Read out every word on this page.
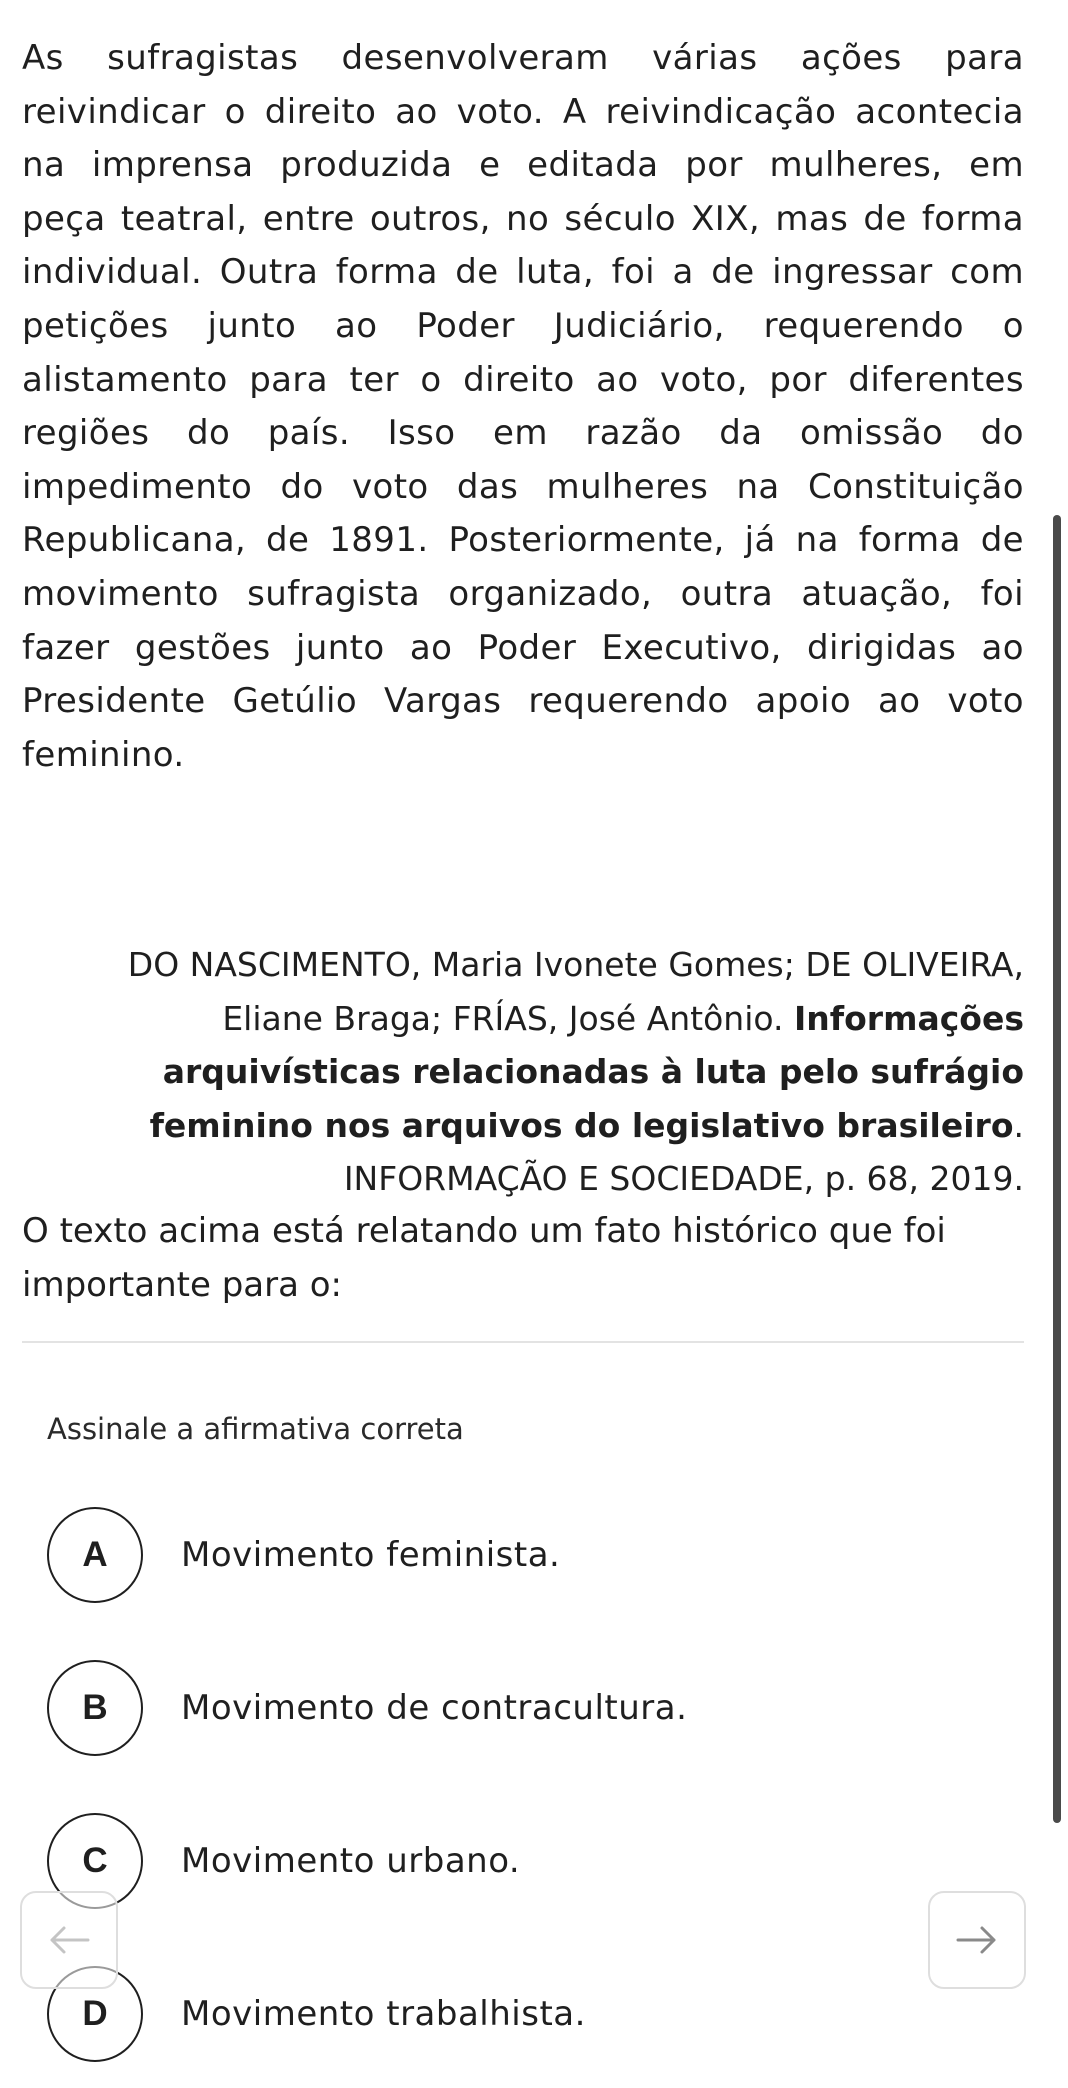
As sufragistas desenvolveram várias ações para reivindicar o direito ao voto. A reivindicação acontecia na imprensa produzida e editada por mulheres, em peça teatral, entre outros, no século XIX, mas de forma individual. Outra forma de luta, foi a de ingressar com petições junto ao Poder Judiciário, requerendo o alistamento para ter o direito ao voto, por diferentes regiões do país. Isso em razão da omissão do impedimento do voto das mulheres na Constituição Republicana, de 1891. Posteriormente, já na forma de movimento sufragista organizado, outra atuação, foi fazer gestões junto ao Poder Executivo, dirigidas ao Presidente Getúlio Vargas requerendo apoio ao voto feminino.

DO NASCIMENTO, Maria Ivonete Gomes; DE OLIVEIRA, Eliane Braga; FRÍAS, José Antônio. Informações arquivísticas relacionadas à luta pelo sufrágio feminino nos arquivos do legislativo brasileiro. INFORMAÇÃO E SOCIEDADE, p. 68, 2019.

O texto acima está relatando um fato histórico que foi importante para o:

Assinale a afirmativa correta
A	Movimento feminista.
B	Movimento de contracultura.
C	Movimento urbano.
D	Movimento trabalhista.
